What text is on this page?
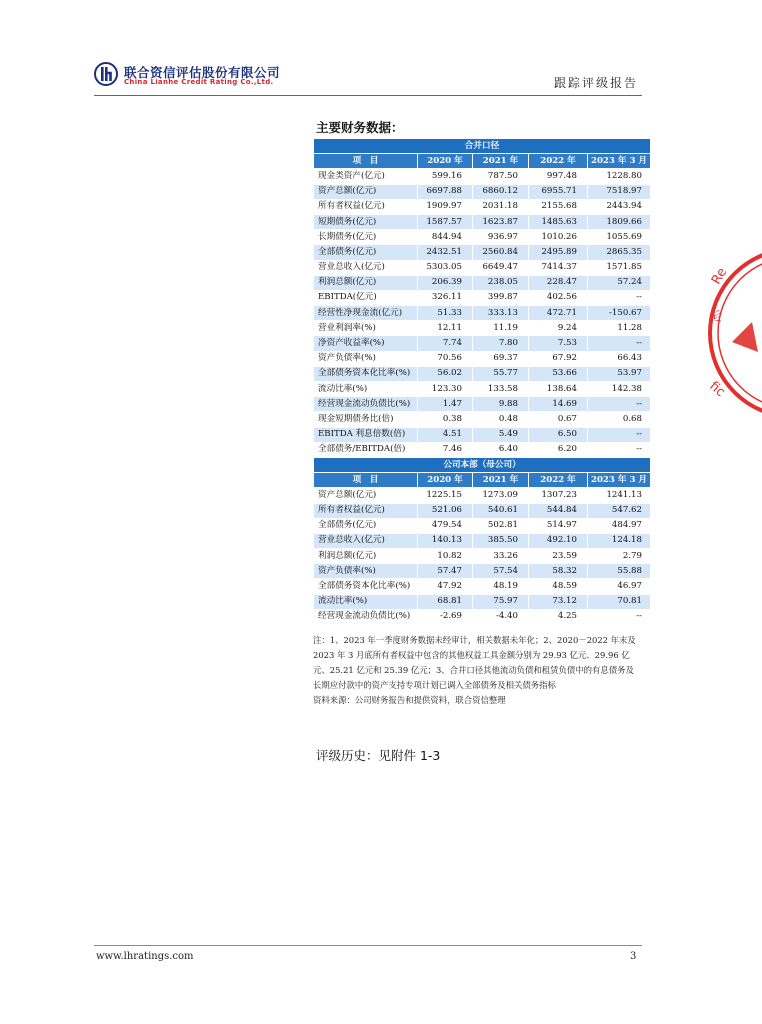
联合资信评估股份有限公司
China Lianhe Credit Rating Co.,Ltd.	跟踪评级报告
Re
专
fic
主要财务数据：
合并口径				
项　目	2020 年	2021 年	2022 年	2023 年 3 月
现金类资产(亿元)	599.16	787.50	997.48	1228.80
资产总额(亿元)	6697.88	6860.12	6955.71	7518.97
所有者权益(亿元)	1909.97	2031.18	2155.68	2443.94
短期债务(亿元)	1587.57	1623.87	1485.63	1809.66
长期债务(亿元)	844.94	936.97	1010.26	1055.69
全部债务(亿元)	2432.51	2560.84	2495.89	2865.35
营业总收入(亿元)	5303.05	6649.47	7414.37	1571.85
利润总额(亿元)	206.39	238.05	228.47	57.24
EBITDA(亿元)	326.11	399.87	402.56	--
经营性净现金流(亿元)	51.33	333.13	472.71	-150.67
营业利润率(%)	12.11	11.19	9.24	11.28
净资产收益率(%)	7.74	7.80	7.53	--
资产负债率(%)	70.56	69.37	67.92	66.43
全部债务资本化比率(%)	56.02	55.77	53.66	53.97
流动比率(%)	123.30	133.58	138.64	142.38
经营现金流动负债比(%)	1.47	9.88	14.69	--
现金短期债务比(倍)	0.38	0.48	0.67	0.68
EBITDA 利息倍数(倍)	4.51	5.49	6.50	--
全部债务/EBITDA(倍)	7.46	6.40	6.20	--
公司本部（母公司）				
项　目	2020 年	2021 年	2022 年	2023 年 3 月
资产总额(亿元)	1225.15	1273.09	1307.23	1241.13
所有者权益(亿元)	521.06	540.61	544.84	547.62
全部债务(亿元)	479.54	502.81	514.97	484.97
营业总收入(亿元)	140.13	385.50	492.10	124.18
利润总额(亿元)	10.82	33.26	23.59	2.79
资产负债率(%)	57.47	57.54	58.32	55.88
全部债务资本化比率(%)	47.92	48.19	48.59	46.97
流动比率(%)	68.81	75.97	73.12	70.81
经营现金流动负债比(%)	-2.69	-4.40	4.25	--

注：1、2023 年一季度财务数据未经审计，相关数据未年化；2、2020－2022 年末及

2023 年 3 月底所有者权益中包含的其他权益工具金额分别为 29.93 亿元、29.96 亿

元、25.21 亿元和 25.39 亿元；3、合并口径其他流动负债和租赁负债中的有息债务及

长期应付款中的资产支持专项计划已调入全部债务及相关债务指标

资料来源：公司财务报告和提供资料，联合资信整理

评级历史：见附件 1-3
www.lhratings.com	3
